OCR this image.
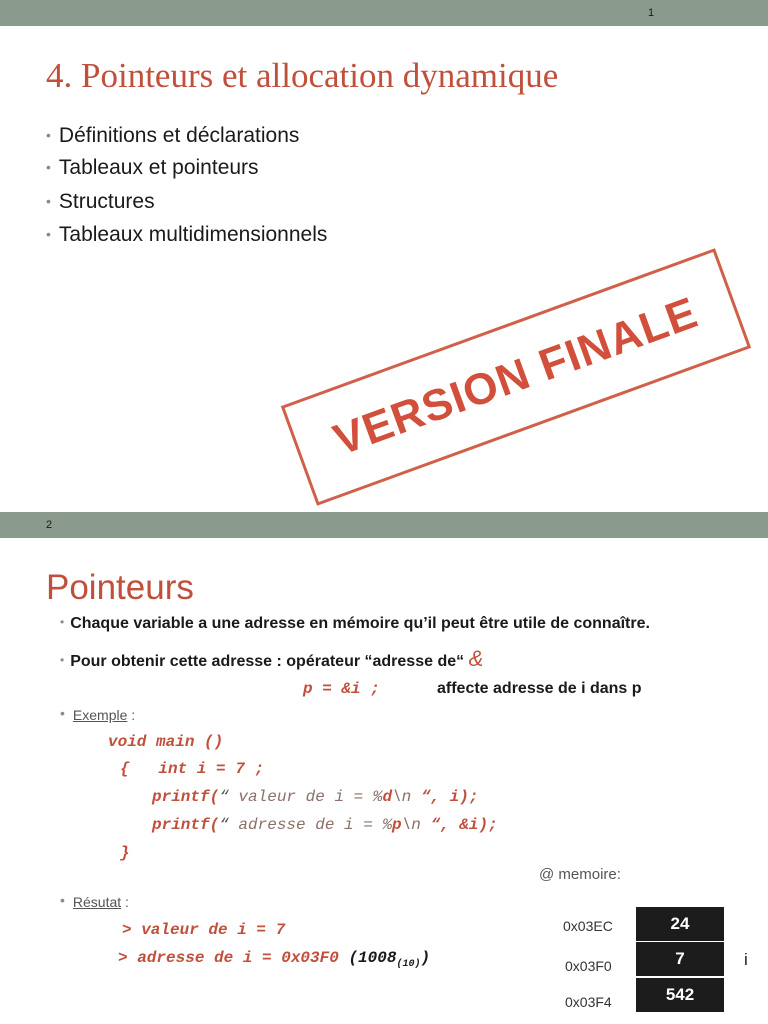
1
4. Pointeurs et allocation dynamique
• Définitions et déclarations
• Tableaux et pointeurs
• Structures
• Tableaux multidimensionnels
VERSION FINALE
2
Pointeurs
• Chaque variable a une adresse en mémoire qu’il peut être utile de connaître.
• Pour obtenir cette adresse : opérateur “adresse de“ &
p = &i ;	affecte adresse de i dans p
• Exemple :
void main ()
{ int i = 7 ;
printf(“ valeur de i = %d\n “, i);
printf(“ adresse de i = %p\n “, &i);
}
@ memoire:
• Résutat :
> valeur de i = 7
> adresse de i = 0x03F0 $(1008_{(10)})$
0x03EC	24
0x03F0	7	i
0x03F4	542
